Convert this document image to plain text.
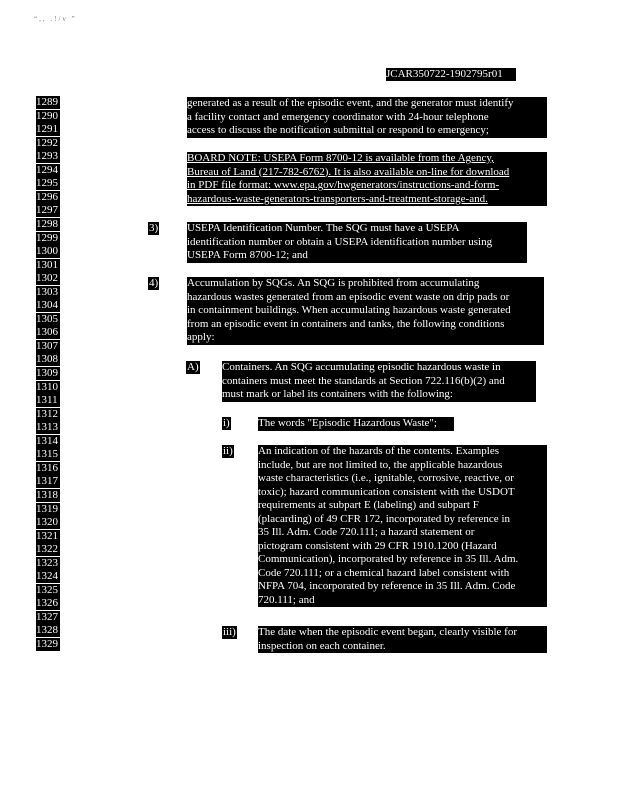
“,, .!/v ”
JCAR350722-1902795r01
1289
1290
1291
1292
1293
1294
1295
1296
1297
1298
1299
1300
1301
1302
1303
1304
1305
1306
1307
1308
1309
1310
1311
1312
1313
1314
1315
1316
1317
1318
1319
1320
1321
1322
1323
1324
1325
1326
1327
1328
1329

generated as a result of the episodic event, and the generator must identify

a facility contact and emergency coordinator with 24-hour telephone

access to discuss the notification submittal or respond to emergency;

BOARD NOTE: USEPA Form 8700-12 is available from the Agency,

Bureau of Land (217-782-6762). It is also available on-line for download

in PDF file format: www.epa.gov/hwgenerators/instructions-and-form-

hazardous-waste-generators-transporters-and-treatment-storage-and.

3)	USEPA Identification Number. The SQG must have a USEPA

identification number or obtain a USEPA identification number using

USEPA Form 8700-12; and

4)	Accumulation by SQGs. An SQG is prohibited from accumulating

hazardous wastes generated from an episodic event waste on drip pads or

in containment buildings. When accumulating hazardous waste generated

from an episodic event in containers and tanks, the following conditions

apply:

A) Containers. An SQG accumulating episodic hazardous waste in

containers must meet the standards at Section 722.116(b)(2) and

must mark or label its containers with the following:

i)	The words "Episodic Hazardous Waste";

ii) An indication of the hazards of the contents. Examples

include, but are not limited to, the applicable hazardous

waste characteristics (i.e., ignitable, corrosive, reactive, or

toxic); hazard communication consistent with the USDOT

requirements at subpart E (labeling) and subpart F

(placarding) of 49 CFR 172, incorporated by reference in

35 Ill. Adm. Code 720.111; a hazard statement or

pictogram consistent with 29 CFR 1910.1200 (Hazard

Communication), incorporated by reference in 35 Ill. Adm.

Code 720.111; or a chemical hazard label consistent with

NFPA 704, incorporated by reference in 35 Ill. Adm. Code

720.111; and

iii) The date when the episodic event began, clearly visible for

inspection on each container.
